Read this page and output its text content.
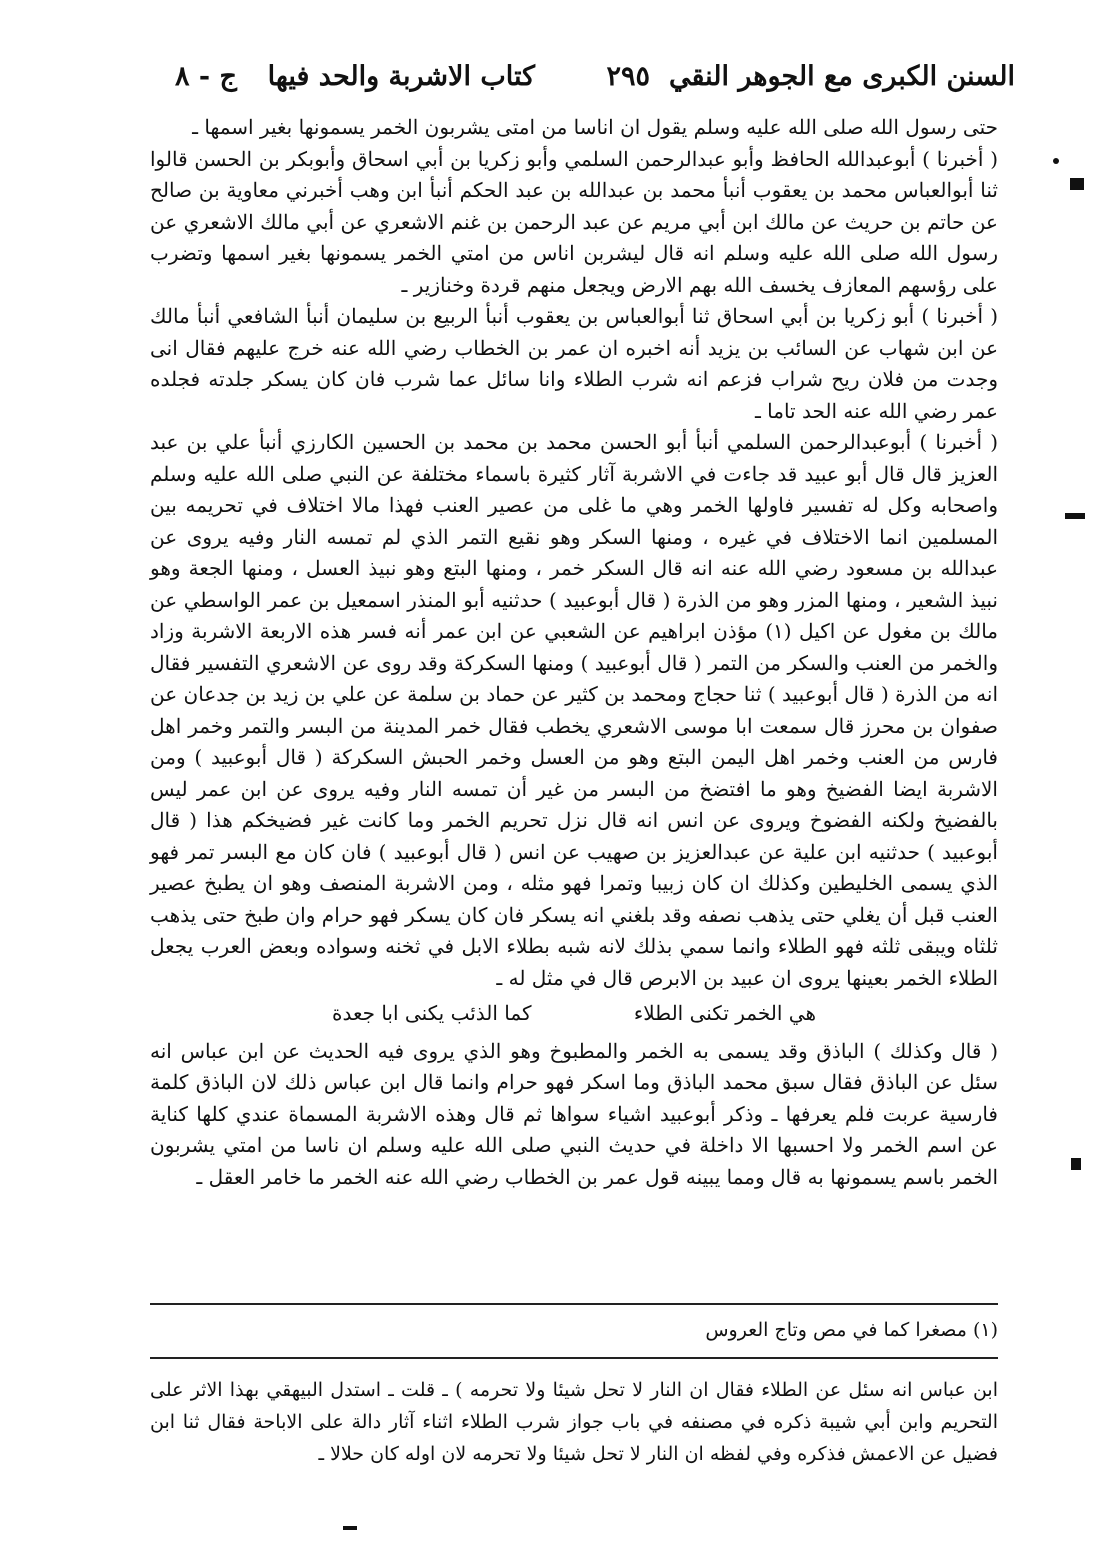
السنن الكبرى مع الجوهر النقي
٢٩٥
كتاب الاشربة والحد فيها
ج - ٨

حتى رسول الله صلى الله عليه وسلم يقول ان اناسا من امتى يشربون الخمر يسمونها بغير اسمها ـ

( أخبرنا ) أبوعبدالله الحافظ وأبو عبدالرحمن السلمي وأبو زكريا بن أبي اسحاق وأبوبكر بن الحسن قالوا ثنا أبوالعباس محمد بن يعقوب أنبأ محمد بن عبدالله بن عبد الحكم أنبأ ابن وهب أخبرني معاوية بن صالح عن حاتم بن حريث عن مالك ابن أبي مريم عن عبد الرحمن بن غنم الاشعري عن أبي مالك الاشعري عن رسول الله صلى الله عليه وسلم انه قال ليشربن اناس من امتي الخمر يسمونها بغير اسمها وتضرب على رؤسهم المعازف يخسف الله بهم الارض ويجعل منهم قردة وخنازير ـ

( أخبرنا ) أبو زكريا بن أبي اسحاق ثنا أبوالعباس بن يعقوب أنبأ الربيع بن سليمان أنبأ الشافعي أنبأ مالك عن ابن شهاب عن السائب بن يزيد أنه اخبره ان عمر بن الخطاب رضي الله عنه خرج عليهم فقال انى وجدت من فلان ريح شراب فزعم انه شرب الطلاء وانا سائل عما شرب فان كان يسكر جلدته فجلده عمر رضي الله عنه الحد تاما ـ

( أخبرنا ) أبوعبدالرحمن السلمي أنبأ أبو الحسن محمد بن محمد بن الحسين الكارزي أنبأ علي بن عبد العزيز قال قال أبو عبيد قد جاءت في الاشربة آثار كثيرة باسماء مختلفة عن النبي صلى الله عليه وسلم واصحابه وكل له تفسير فاولها الخمر وهي ما غلى من عصير العنب فهذا مالا اختلاف في تحريمه بين المسلمين انما الاختلاف في غيره ، ومنها السكر وهو نقيع التمر الذي لم تمسه النار وفيه يروى عن عبدالله بن مسعود رضي الله عنه انه قال السكر خمر ، ومنها البتع وهو نبيذ العسل ، ومنها الجعة وهو نبيذ الشعير ، ومنها المزر وهو من الذرة ( قال أبوعبيد ) حدثنيه أبو المنذر اسمعيل بن عمر الواسطي عن مالك بن مغول عن اكيل (١) مؤذن ابراهيم عن الشعبي عن ابن عمر أنه فسر هذه الاربعة الاشربة وزاد والخمر من العنب والسكر من التمر ( قال أبوعبيد ) ومنها السكركة وقد روى عن الاشعري التفسير فقال انه من الذرة ( قال أبوعبيد ) ثنا حجاج ومحمد بن كثير عن حماد بن سلمة عن علي بن زيد بن جدعان عن صفوان بن محرز قال سمعت ابا موسى الاشعري يخطب فقال خمر المدينة من البسر والتمر وخمر اهل فارس من العنب وخمر اهل اليمن البتع وهو من العسل وخمر الحبش السكركة ( قال أبوعبيد ) ومن الاشربة ايضا الفضيخ وهو ما افتضخ من البسر من غير أن تمسه النار وفيه يروى عن ابن عمر ليس بالفضيخ ولكنه الفضوخ ويروى عن انس انه قال نزل تحريم الخمر وما كانت غير فضيخكم هذا ( قال أبوعبيد ) حدثنيه ابن علية عن عبدالعزيز بن صهيب عن انس ( قال أبوعبيد ) فان كان مع البسر تمر فهو الذي يسمى الخليطين وكذلك ان كان زبيبا وتمرا فهو مثله ، ومن الاشربة المنصف وهو ان يطبخ عصير العنب قبل أن يغلي حتى يذهب نصفه وقد بلغني انه يسكر فان كان يسكر فهو حرام وان طبخ حتى يذهب ثلثاه ويبقى ثلثه فهو الطلاء وانما سمي بذلك لانه شبه بطلاء الابل في ثخنه وسواده وبعض العرب يجعل الطلاء الخمر بعينها يروى ان عبيد بن الابرص قال في مثل له ـ

هي الخمر تكنى الطلاء كما الذئب يكنى ابا جعدة

( قال وكذلك ) الباذق وقد يسمى به الخمر والمطبوخ وهو الذي يروى فيه الحديث عن ابن عباس انه سئل عن الباذق فقال سبق محمد الباذق وما اسكر فهو حرام وانما قال ابن عباس ذلك لان الباذق كلمة فارسية عربت فلم يعرفها ـ وذكر أبوعبيد اشياء سواها ثم قال وهذه الاشربة المسماة عندي كلها كناية عن اسم الخمر ولا احسبها الا داخلة في حديث النبي صلى الله عليه وسلم ان ناسا من امتي يشربون الخمر باسم يسمونها به قال ومما يبينه قول عمر بن الخطاب رضي الله عنه الخمر ما خامر العقل ـ

(١) مصغرا كما في مص وتاج العروس
ابن عباس انه سئل عن الطلاء فقال ان النار لا تحل شيئا ولا تحرمه ) ـ قلت ـ استدل البيهقي بهذا الاثر على التحريم وابن أبي شيبة ذكره في مصنفه في باب جواز شرب الطلاء اثناء آثار دالة على الاباحة فقال ثنا ابن فضيل عن الاعمش فذكره وفي لفظه ان النار لا تحل شيئا ولا تحرمه لان اوله كان حلالا ـ
